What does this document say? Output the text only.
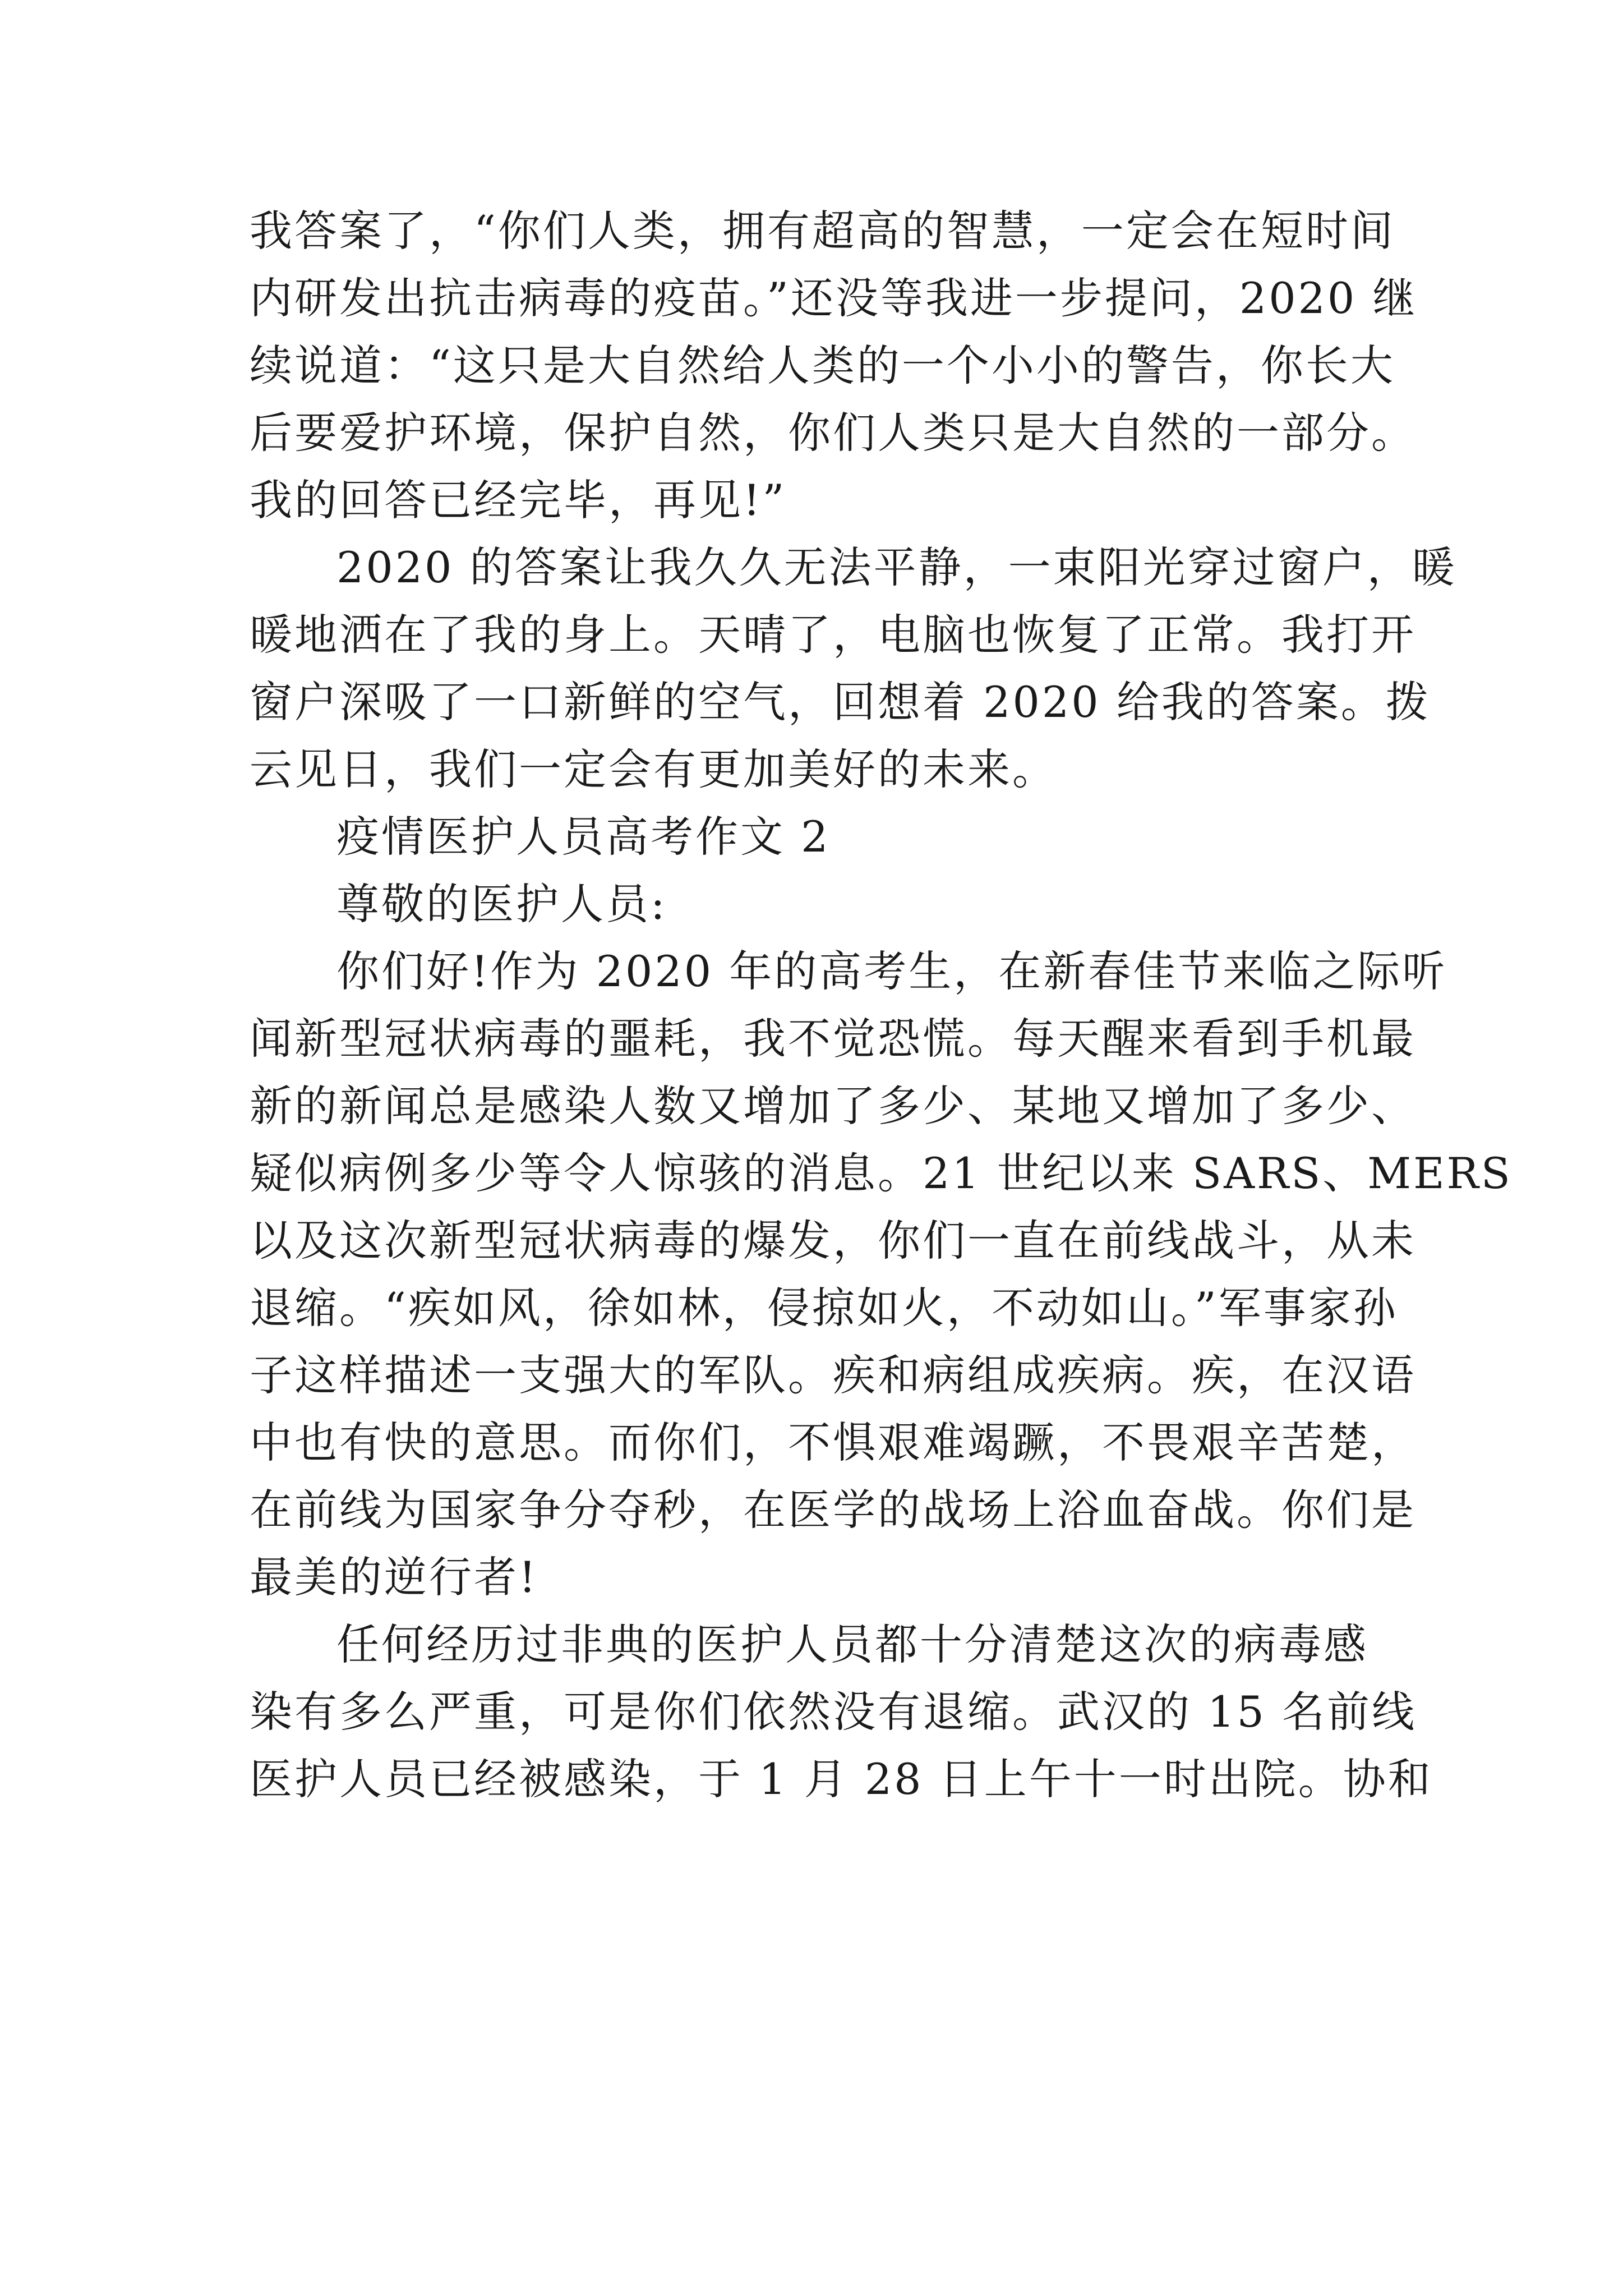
我答案了，“你们人类，拥有超高的智慧，一定会在短时间
内研发出抗击病毒的疫苗。”还没等我进一步提问，2020 继
续说道：“这只是大自然给人类的一个小小的警告，你长大
后要爱护环境，保护自然，你们人类只是大自然的一部分。
我的回答已经完毕，再见!”
2020 的答案让我久久无法平静，一束阳光穿过窗户，暖
暖地洒在了我的身上。天晴了，电脑也恢复了正常。我打开
窗户深吸了一口新鲜的空气，回想着 2020 给我的答案。拨
云见日，我们一定会有更加美好的未来。
疫情医护人员高考作文 2
尊敬的医护人员:
你们好!作为 2020 年的高考生，在新春佳节来临之际听
闻新型冠状病毒的噩耗，我不觉恐慌。每天醒来看到手机最
新的新闻总是感染人数又增加了多少、某地又增加了多少、
疑似病例多少等令人惊骇的消息。21 世纪以来 SARS、MERS
以及这次新型冠状病毒的爆发，你们一直在前线战斗，从未
退缩。“疾如风，徐如林，侵掠如火，不动如山。”军事家孙
子这样描述一支强大的军队。疾和病组成疾病。疾，在汉语
中也有快的意思。而你们，不惧艰难竭蹶，不畏艰辛苦楚，
在前线为国家争分夺秒，在医学的战场上浴血奋战。你们是
最美的逆行者!
任何经历过非典的医护人员都十分清楚这次的病毒感
染有多么严重，可是你们依然没有退缩。武汉的 15 名前线
医护人员已经被感染，于 1 月 28 日上午十一时出院。协和
